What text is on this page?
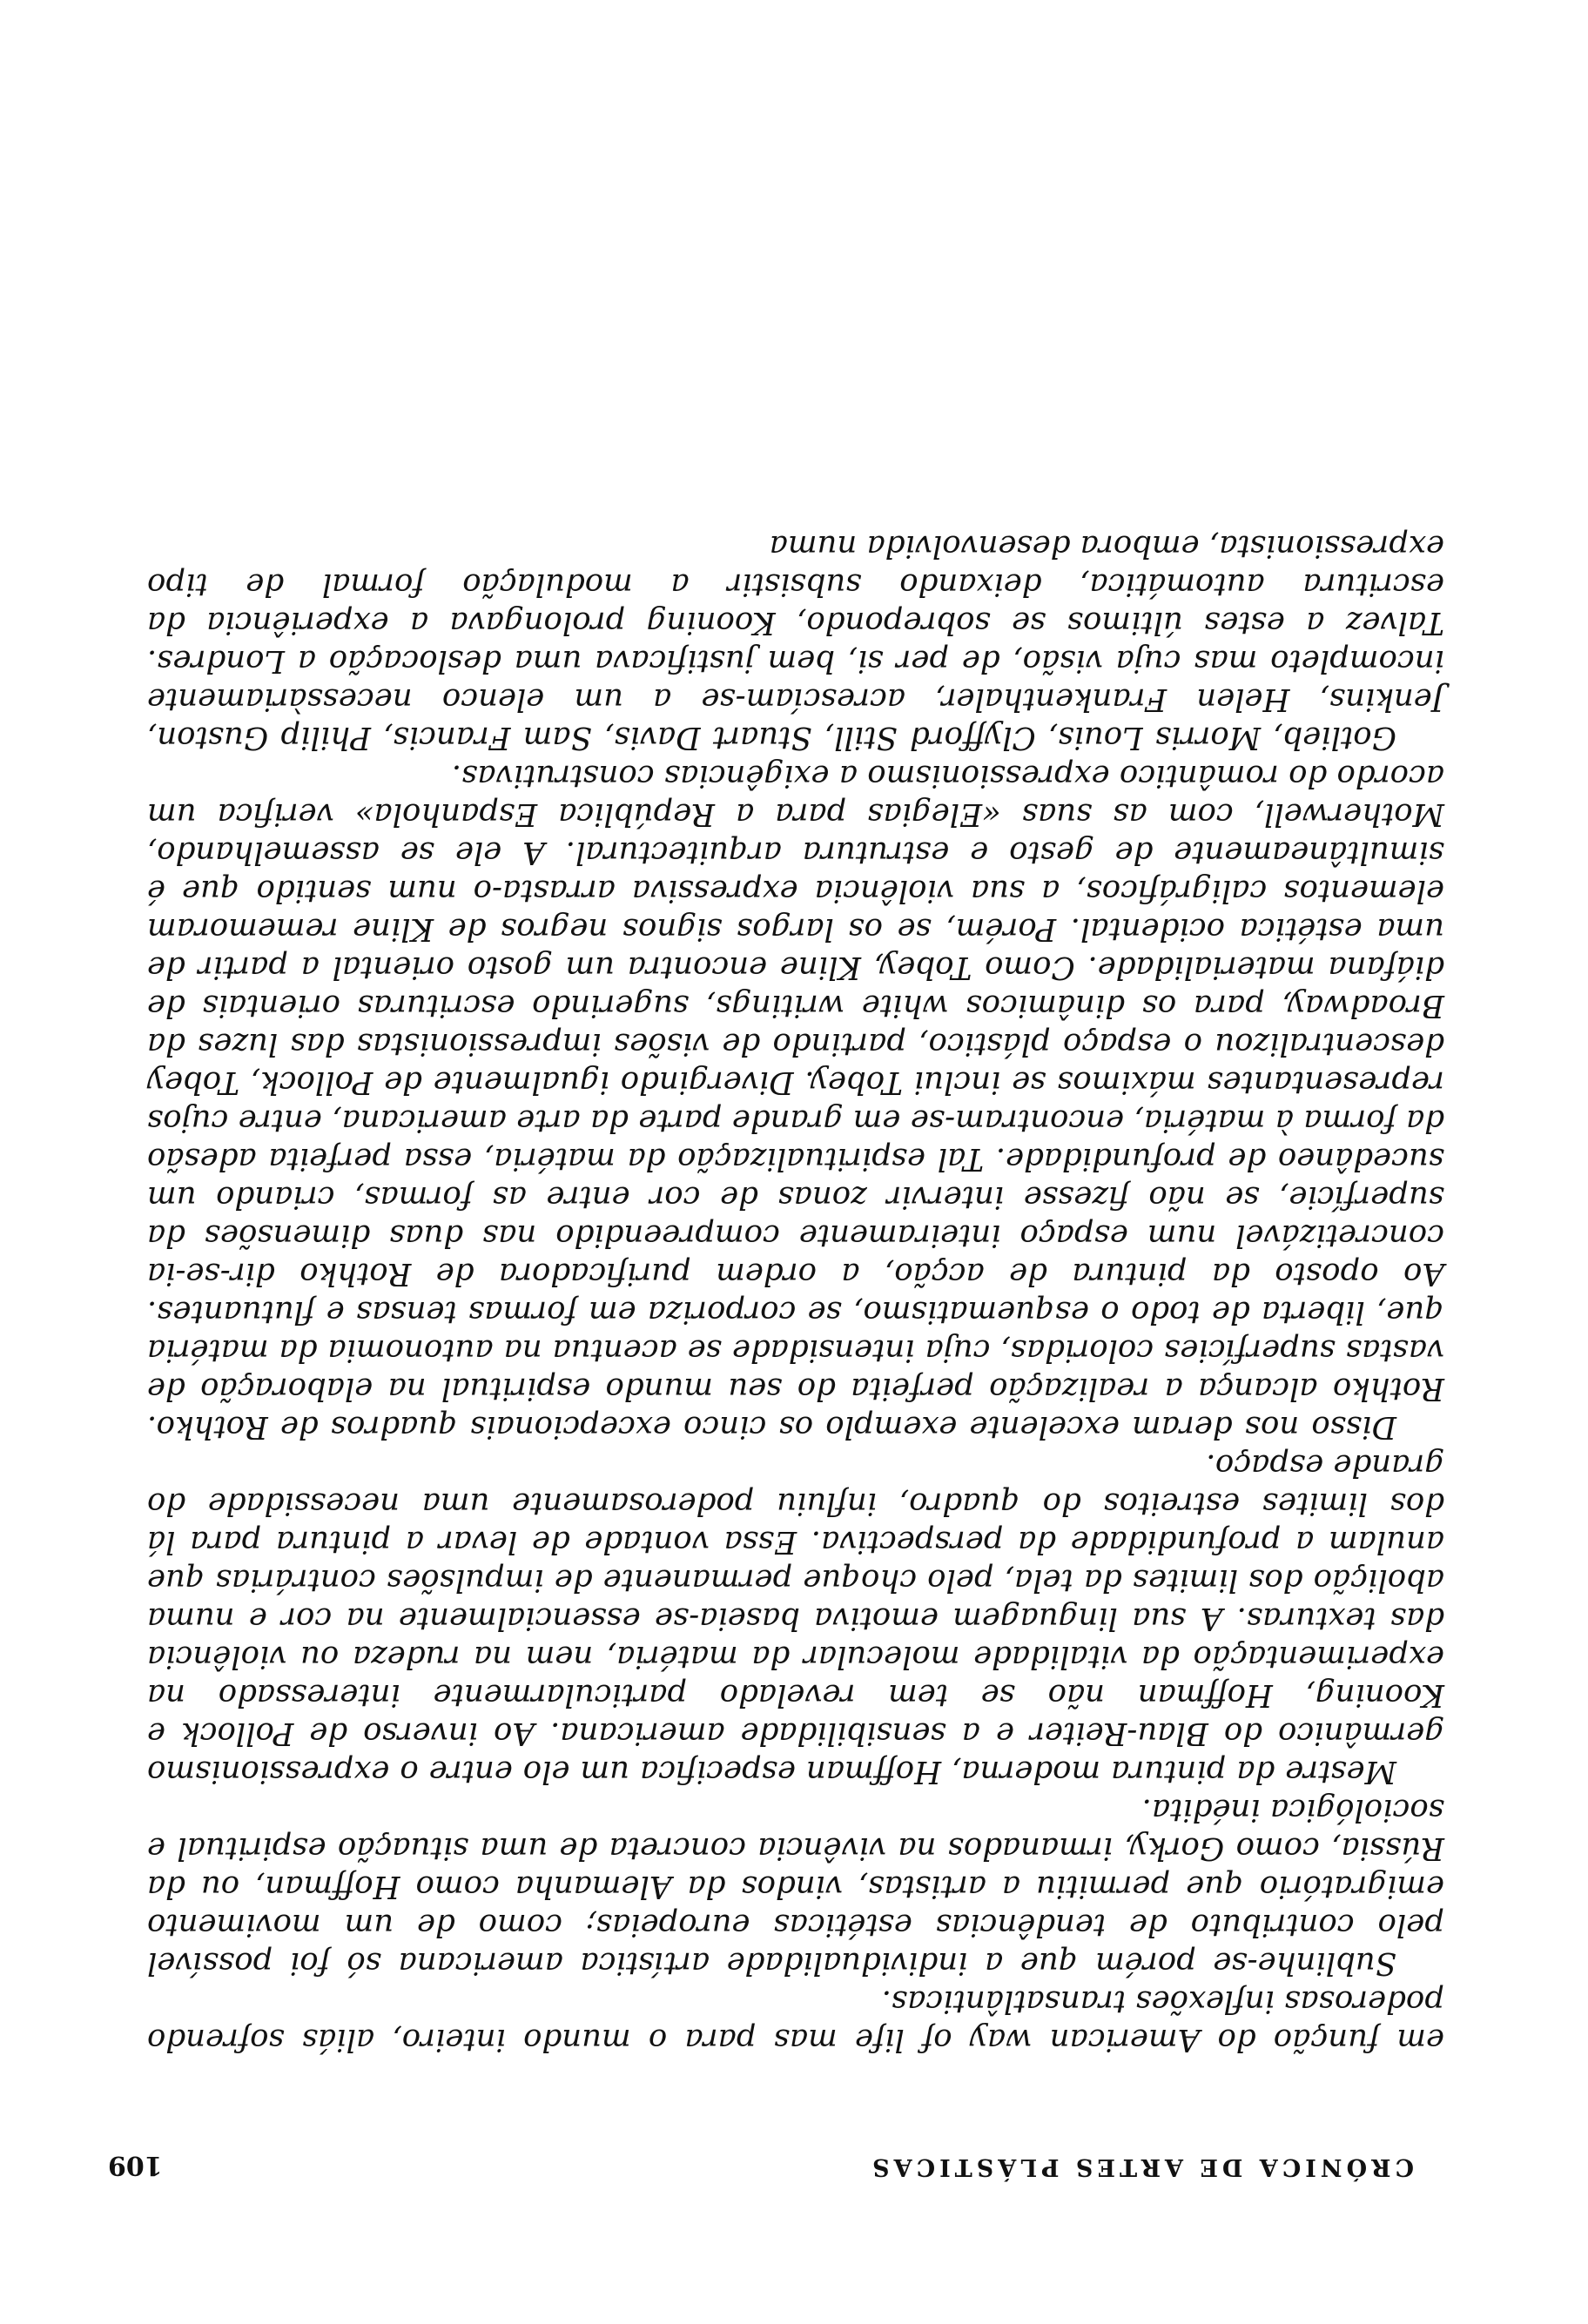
CRÓNICA DE ARTES PLÁSTICAS
109

em função do American way of life mas para o mundo inteiro, aliás sofrendo poderosas inflexões transatlânticas.

Sublinhe-se porém que a individualidade artística americana só foi possível pelo contributo de tendências estéticas europeias; como de um movimento emigratório que permitiu a artistas, vindos da Alemanha como Hoffman, ou da Rússia, como Gorky, irmanados na vivência concreta de uma situação espiritual e sociológica inédita.

Mestre da pintura moderna, Hoffman especifica um elo entre o expressionismo germânico do Blau-Reiter e a sensibilidade americana. Ao inverso de Pollock e Kooning, Hoffman não se tem revelado particularmente interessado na experimentação da vitalidade molecular da matéria, nem na rudeza ou violência das texturas. A sua linguagem emotiva baseia-se essencialmente na cor e numa abolição dos limites da tela, pelo choque permanente de impulsões contrárias que anulam a profundidade da perspectiva. Essa vontade de levar a pintura para lá dos limites estreitos do quadro, influiu poderosamente uma necessidade do grande espaço.

Disso nos deram excelente exemplo os cinco excepcionais quadros de Rothko. Rothko alcança a realização perfeita do seu mundo espiritual na elaboração de vastas superfícies coloridas, cuja intensidade se acentua na autonomia da matéria que, liberta de todo o esquematismo, se corporiza em formas tensas e flutuantes. Ao oposto da pintura de acção, a ordem purificadora de Rothko dir-se-ia concretizável num espaço inteiramente compreendido nas duas dimensões da superfície, se não fizesse intervir zonas de cor entre as formas, criando um sucedâneo de profundidade. Tal espiritualização da matéria, essa perfeita adesão da forma à matéria, encontram-se em grande parte da arte americana, entre cujos representantes máximos se inclui Tobey. Divergindo igualmente de Pollock, Tobey descentralizou o espaço plástico, partindo de visões impressionistas das luzes da Broadway, para os dinâmicos white writings, sugerindo escrituras orientais de diáfana materialidade. Como Tobey, Kline encontra um gosto oriental a partir de uma estética ocidental. Porém, se os largos signos negros de Kline rememoram elementos caligráficos, a sua violência expressiva arrasta-o num sentido que é simultâneamente de gesto e estrutura arquitectural. A ele se assemelhando, Motherwell, com as suas «Elegias para a República Espanhola» verifica um acordo do romântico expressionismo a exigências construtivas.

Gotlieb, Morris Louis, Clyfford Still, Stuart Davis, Sam Francis, Philip Guston, Jenkins, Helen Frankenthaler, acrescíam-se a um elenco necessàriamente incompleto mas cuja visão, de per si, bem justificava uma deslocação a Londres. Talvez a estes últimos se sobrepondo, Kooning prolongava a experiência da escritura automática, deixando subsistir a modulação formal de tipo expressionista, embora desenvolvida numa
